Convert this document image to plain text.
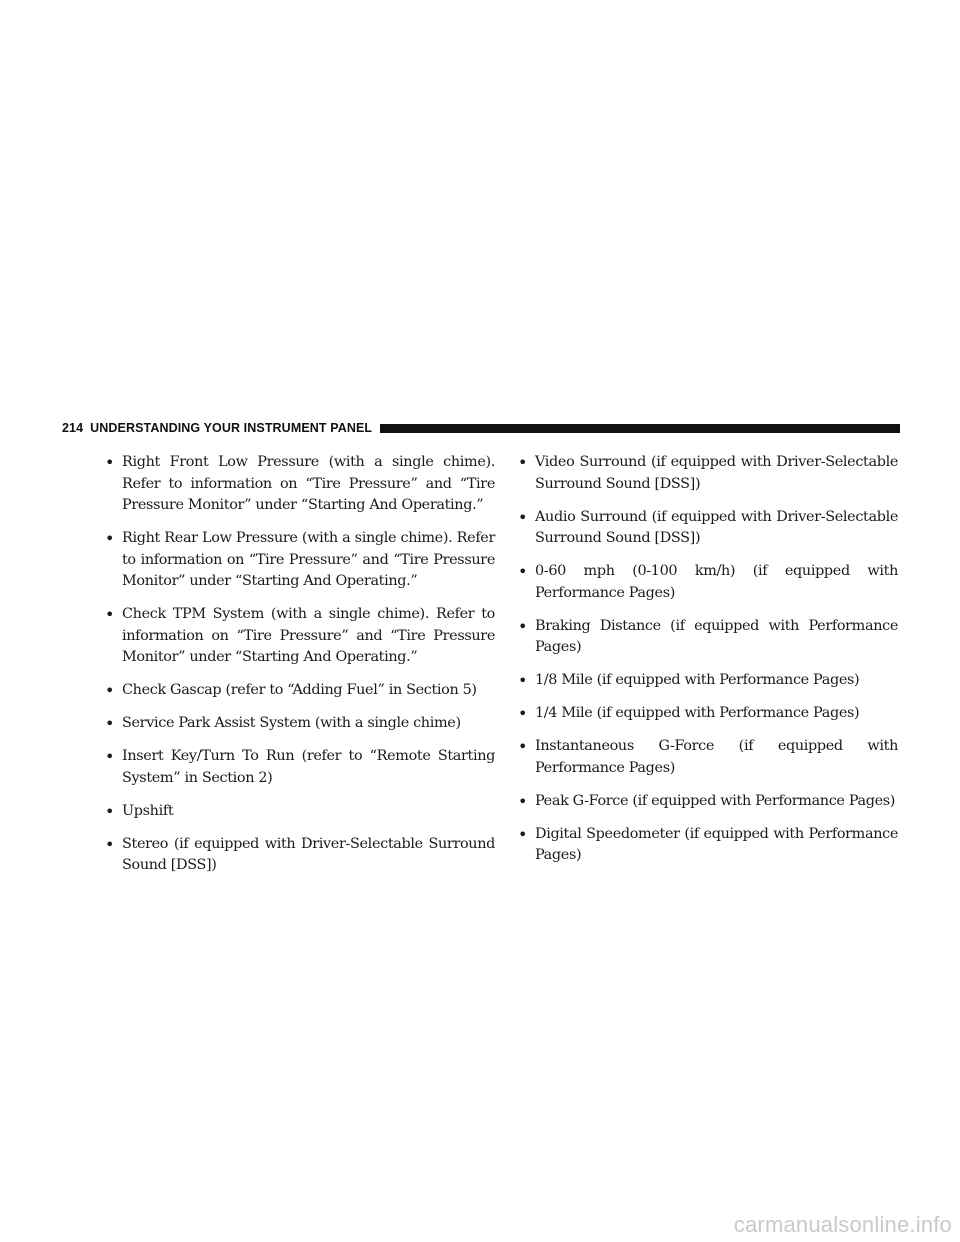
214 UNDERSTANDING YOUR INSTRUMENT PANEL
• Right Front Low Pressure (with a single chime). Refer to information on “Tire Pressure” and “Tire Pressure Monitor” under “Starting And Operating.”
• Right Rear Low Pressure (with a single chime). Refer to information on “Tire Pressure” and “Tire Pressure Monitor” under “Starting And Operating.”
• Check TPM System (with a single chime). Refer to information on “Tire Pressure” and “Tire Pressure Monitor” under “Starting And Operating.”
• Check Gascap (refer to “Adding Fuel” in Section 5)
• Service Park Assist System (with a single chime)
• Insert Key/Turn To Run (refer to “Remote Starting System” in Section 2)
• Upshift
• Stereo (if equipped with Driver-Selectable Surround Sound [DSS])
• Video Surround (if equipped with Driver-Selectable Surround Sound [DSS])
• Audio Surround (if equipped with Driver-Selectable Surround Sound [DSS])
• 0-60 mph (0-100 km/h) (if equipped with Performance Pages)
• Braking Distance (if equipped with Performance Pages)
• 1/8 Mile (if equipped with Performance Pages)
• 1/4 Mile (if equipped with Performance Pages)
• Instantaneous G-Force (if equipped with Performance Pages)
• Peak G-Force (if equipped with Performance Pages)
• Digital Speedometer (if equipped with Performance Pages)
carmanualsonline.info
